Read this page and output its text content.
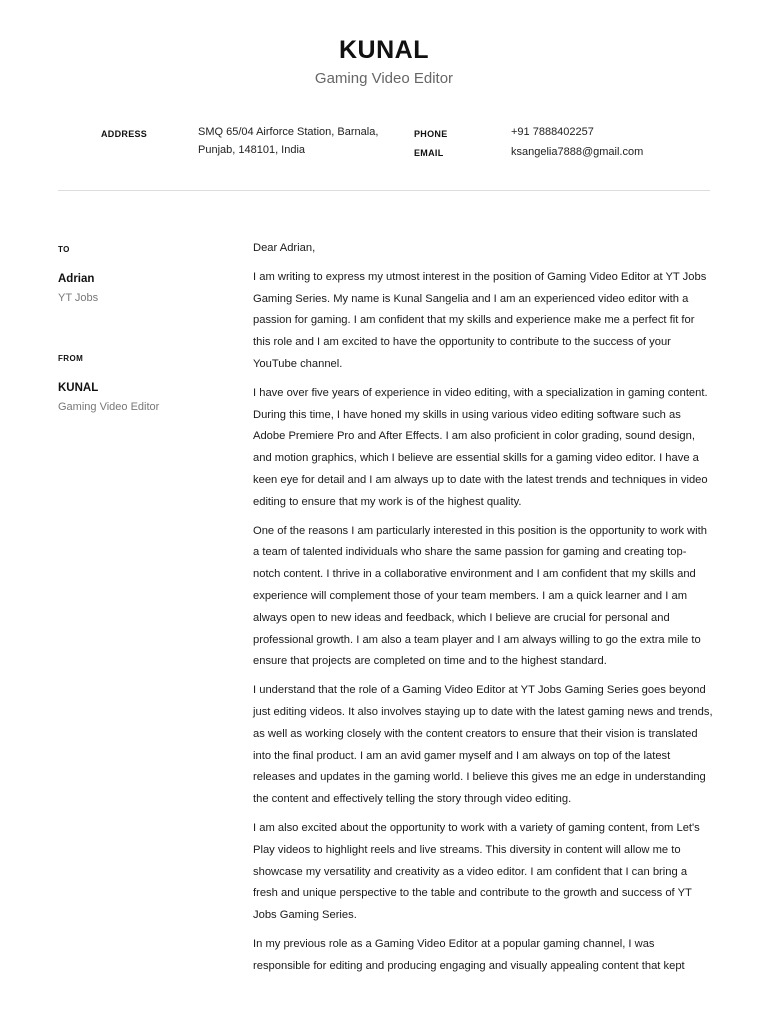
KUNAL
Gaming Video Editor
ADDRESS	SMQ 65/04 Airforce Station, Barnala,
Punjab, 148101, India
PHONE	+91 7888402257
EMAIL	ksangelia7888@gmail.com
TO
Adrian
YT Jobs
FROM
KUNAL
Gaming Video Editor

Dear Adrian,

I am writing to express my utmost interest in the position of Gaming Video Editor at YT Jobs Gaming Series. My name is Kunal Sangelia and I am an experienced video editor with a passion for gaming. I am confident that my skills and experience make me a perfect fit for this role and I am excited to have the opportunity to contribute to the success of your YouTube channel.

I have over five years of experience in video editing, with a specialization in gaming content. During this time, I have honed my skills in using various video editing software such as Adobe Premiere Pro and After Effects. I am also proficient in color grading, sound design, and motion graphics, which I believe are essential skills for a gaming video editor. I have a keen eye for detail and I am always up to date with the latest trends and techniques in video editing to ensure that my work is of the highest quality.

One of the reasons I am particularly interested in this position is the opportunity to work with a team of talented individuals who share the same passion for gaming and creating top-notch content. I thrive in a collaborative environment and I am confident that my skills and experience will complement those of your team members. I am a quick learner and I am always open to new ideas and feedback, which I believe are crucial for personal and professional growth. I am also a team player and I am always willing to go the extra mile to ensure that projects are completed on time and to the highest standard.

I understand that the role of a Gaming Video Editor at YT Jobs Gaming Series goes beyond just editing videos. It also involves staying up to date with the latest gaming news and trends, as well as working closely with the content creators to ensure that their vision is translated into the final product. I am an avid gamer myself and I am always on top of the latest releases and updates in the gaming world. I believe this gives me an edge in understanding the content and effectively telling the story through video editing.

I am also excited about the opportunity to work with a variety of gaming content, from Let's Play videos to highlight reels and live streams. This diversity in content will allow me to showcase my versatility and creativity as a video editor. I am confident that I can bring a fresh and unique perspective to the table and contribute to the growth and success of YT Jobs Gaming Series.

In my previous role as a Gaming Video Editor at a popular gaming channel, I was responsible for editing and producing engaging and visually appealing content that kept
